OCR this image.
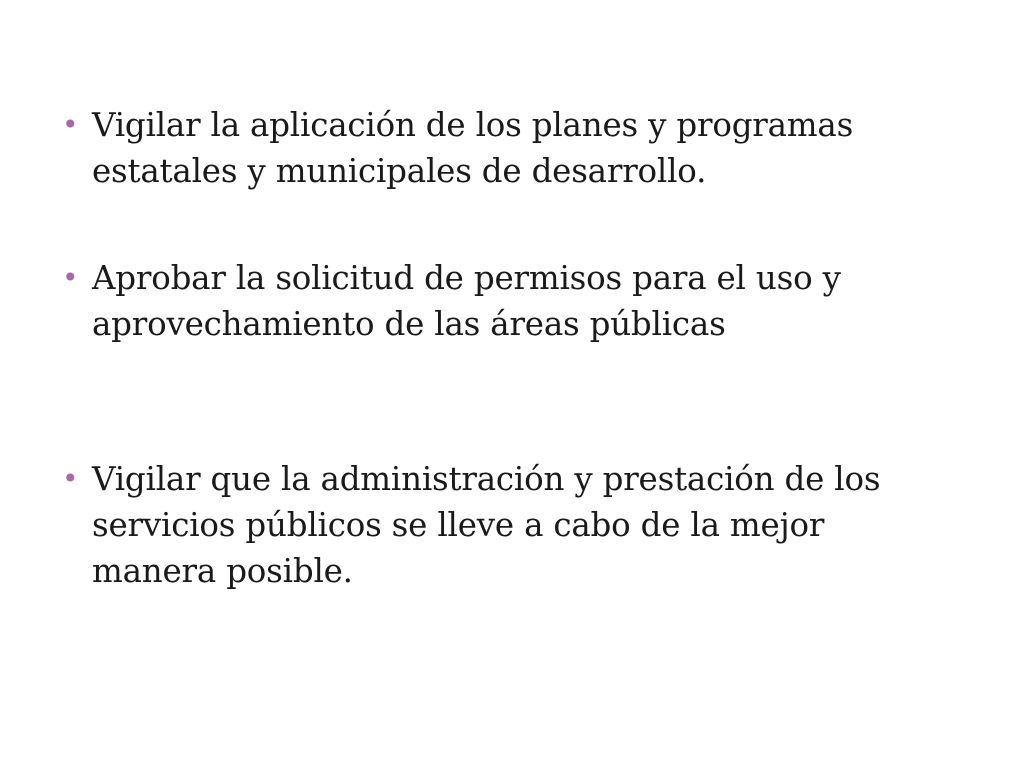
• Vigilar la aplicación de los planes y programas
estatales y municipales de desarrollo.
• Aprobar la solicitud de permisos para el uso y
aprovechamiento de las áreas públicas
• Vigilar que la administración y prestación de los
servicios públicos se lleve a cabo de la mejor
manera posible.
